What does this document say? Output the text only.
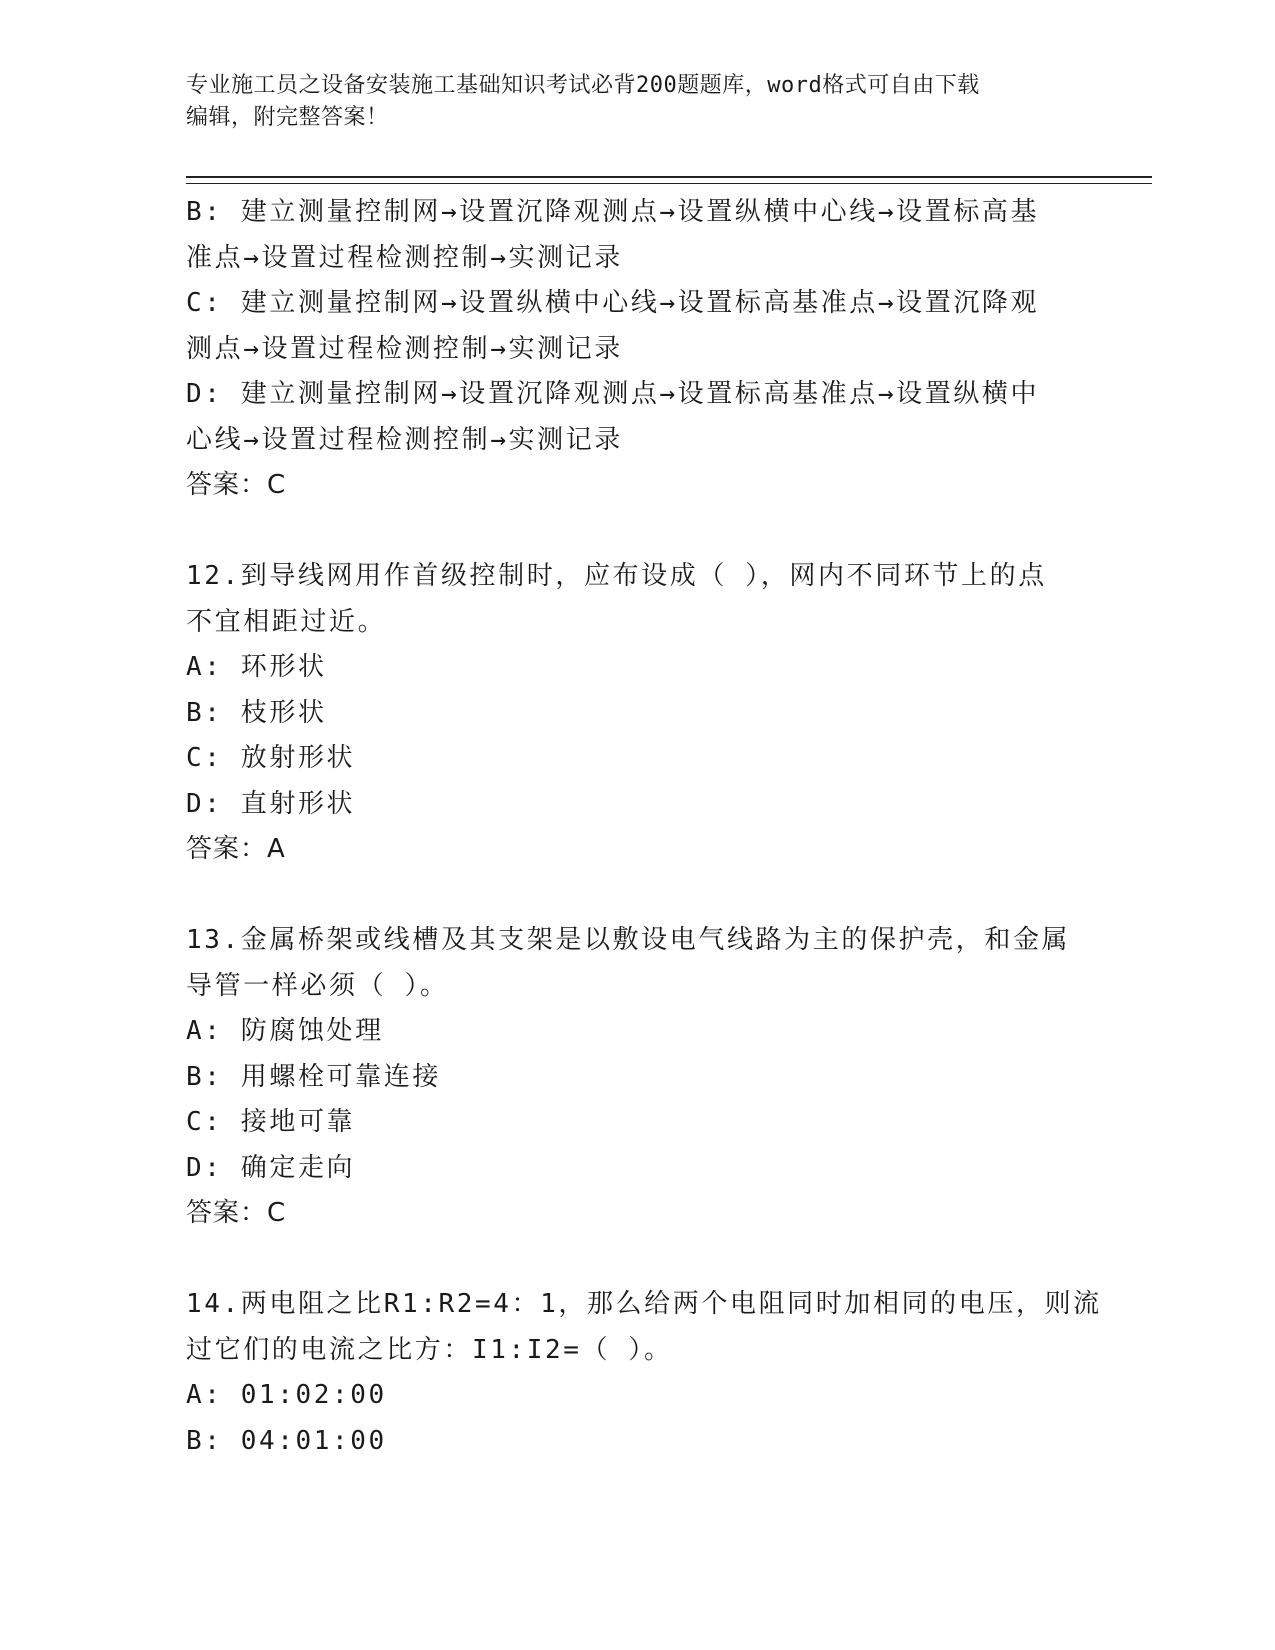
专业施工员之设备安装施工基础知识考试必背200题题库，word格式可自由下载
编辑，附完整答案！
B: 建立测量控制网→设置沉降观测点→设置纵横中心线→设置标高基
准点→设置过程检测控制→实测记录
C: 建立测量控制网→设置纵横中心线→设置标高基准点→设置沉降观
测点→设置过程检测控制→实测记录
D: 建立测量控制网→设置沉降观测点→设置标高基准点→设置纵横中
心线→设置过程检测控制→实测记录
答案：C
12.到导线网用作首级控制时，应布设成（ ），网内不同环节上的点
不宜相距过近。
A: 环形状
B: 枝形状
C: 放射形状
D: 直射形状
答案：A
13.金属桥架或线槽及其支架是以敷设电气线路为主的保护壳，和金属
导管一样必须（ ）。
A: 防腐蚀处理
B: 用螺栓可靠连接
C: 接地可靠
D: 确定走向
答案：C
14.两电阻之比R1:R2=4：1，那么给两个电阻同时加相同的电压，则流
过它们的电流之比方：I1:I2=（ ）。
A: 01:02:00
B: 04:01:00
